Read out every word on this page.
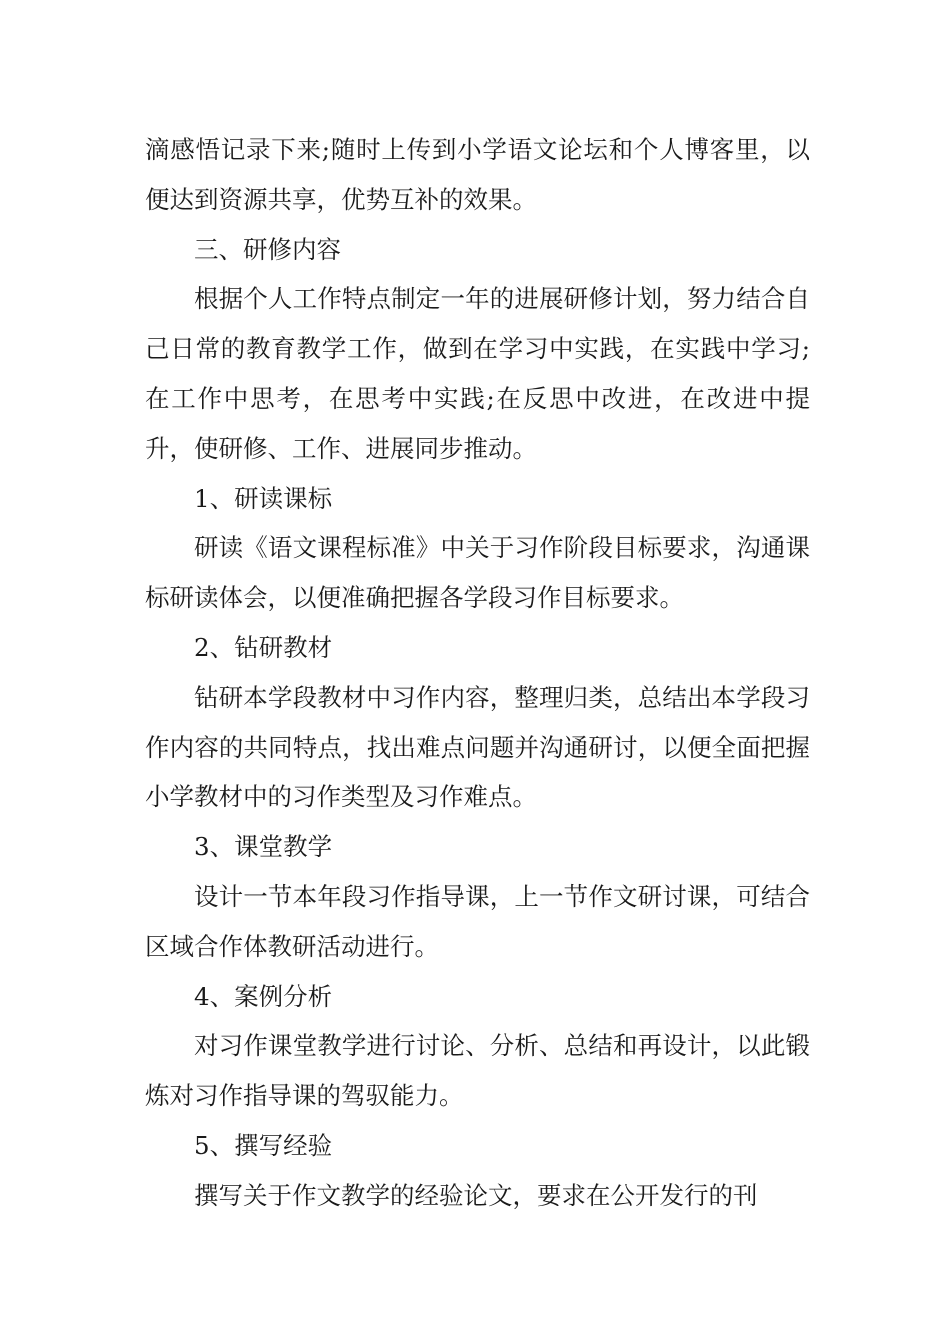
滴感悟记录下来;随时上传到小学语文论坛和个人博客里，以便达到资源共享，优势互补的效果。

三、研修内容

根据个人工作特点制定一年的进展研修计划，努力结合自己日常的教育教学工作，做到在学习中实践，在实践中学习;在工作中思考，在思考中实践;在反思中改进，在改进中提升，使研修、工作、进展同步推动。

1、研读课标

研读《语文课程标准》中关于习作阶段目标要求，沟通课标研读体会，以便准确把握各学段习作目标要求。

2、钻研教材

钻研本学段教材中习作内容，整理归类，总结出本学段习作内容的共同特点，找出难点问题并沟通研讨，以便全面把握小学教材中的习作类型及习作难点。

3、课堂教学

设计一节本年段习作指导课，上一节作文研讨课，可结合区域合作体教研活动进行。

4、案例分析

对习作课堂教学进行讨论、分析、总结和再设计，以此锻炼对习作指导课的驾驭能力。

5、撰写经验

撰写关于作文教学的经验论文，要求在公开发行的刊
